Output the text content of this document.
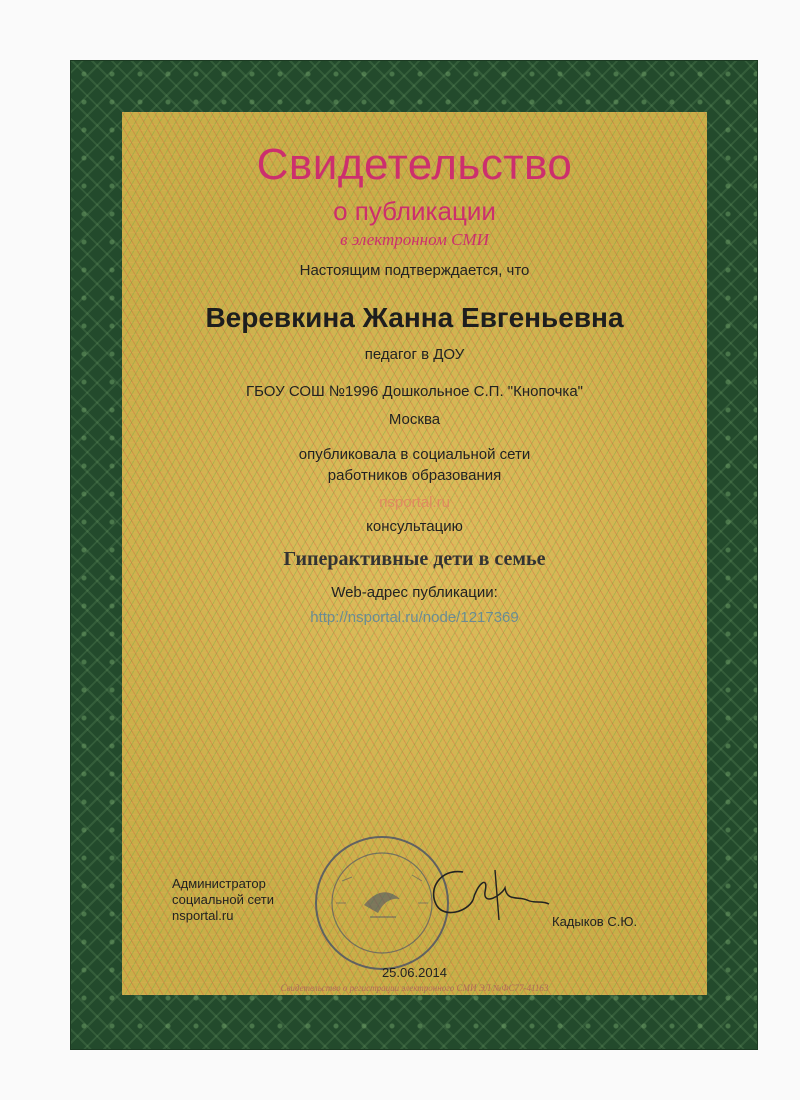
Свидетельство
о публикации
в электронном СМИ
Настоящим подтверждается, что
Веревкина Жанна Евгеньевна
педагог в ДОУ
ГБОУ СОШ №1996 Дошкольное С.П. "Кнопочка"
Москва
опубликовала в социальной сети
работников образования
nsportal.ru
консультацию
Гиперактивные дети в семье
Web-адрес публикации:
http://nsportal.ru/node/1217369
Администратор
социальной сети
nsportal.ru	Кадыков С.Ю.
25.06.2014
Свидетельство о регистрации электронного СМИ ЭЛ №ФС77-41163
